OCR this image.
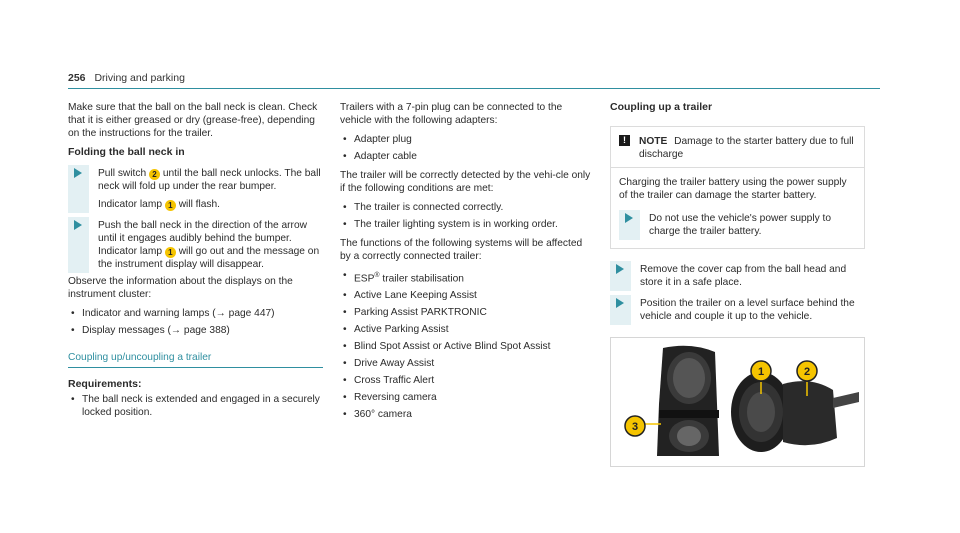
256 Driving and parking

Make sure that the ball on the ball neck is clean. Check that it is either greased or dry (grease-free), depending on the instructions for the trailer.

Folding the ball neck in

Pull switch 2 until the ball neck unlocks. The ball neck will fold up under the rear bumper.

Indicator lamp 1 will flash.

Push the ball neck in the direction of the arrow until it engages audibly behind the bumper. Indicator lamp 1 will go out and the message on the instrument display will disappear.

Observe the information about the displays on the instrument cluster:

• Indicator and warning lamps (→ page 447)
• Display messages (→ page 388)
Coupling up/uncoupling a trailer
Requirements:
• The ball neck is extended and engaged in a securely locked position.

Trailers with a 7-pin plug can be connected to the vehicle with the following adapters:

• Adapter plug
• Adapter cable

The trailer will be correctly detected by the vehi-cle only if the following conditions are met:

• The trailer is connected correctly.
• The trailer lighting system is in working order.

The functions of the following systems will be affected by a correctly connected trailer:

• ESP® trailer stabilisation
• Active Lane Keeping Assist
• Parking Assist PARKTRONIC
• Active Parking Assist
• Blind Spot Assist or Active Blind Spot Assist
• Drive Away Assist
• Cross Traffic Alert
• Reversing camera
• 360° camera
Coupling up a trailer
!	NOTE Damage to the starter battery due to full discharge

Charging the trailer battery using the power supply of the trailer can damage the starter battery.

Do not use the vehicle's power supply to charge the trailer battery.

Remove the cover cap from the ball head and store it in a safe place.

Position the trailer on a level surface behind the vehicle and couple it up to the vehicle.

1	2
3
